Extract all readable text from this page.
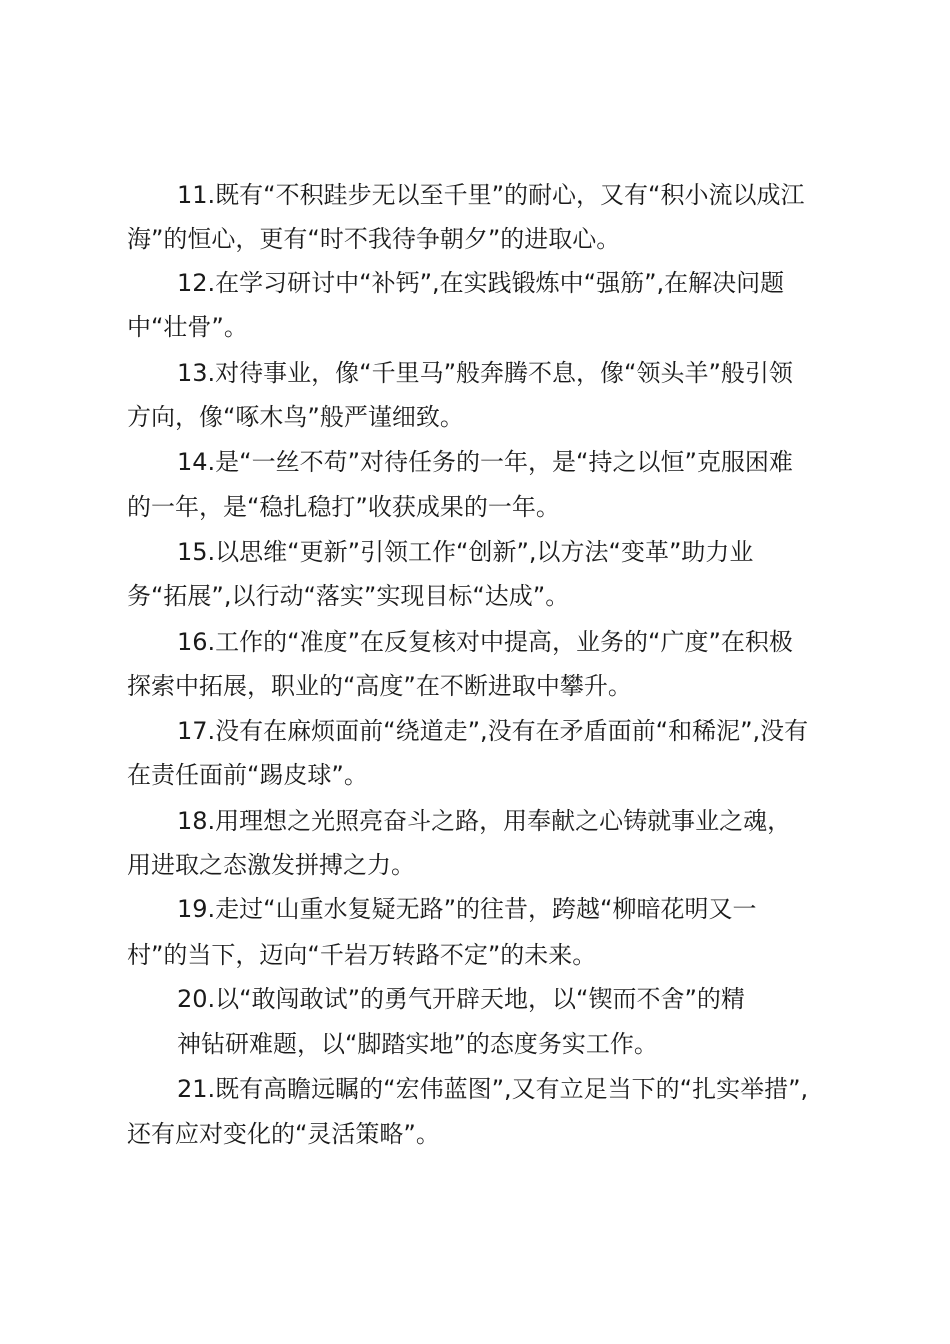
11.既有“不积跬步无以至千里”的耐心，又有“积小流以成江
海”的恒心，更有“时不我待争朝夕”的进取心。
12.在学习研讨中“补钙”,在实践锻炼中“强筋”,在解决问题
中“壮骨”。
13.对待事业，像“千里马”般奔腾不息，像“领头羊”般引领
方向，像“啄木鸟”般严谨细致。
14.是“一丝不苟”对待任务的一年，是“持之以恒”克服困难
的一年，是“稳扎稳打”收获成果的一年。
15.以思维“更新”引领工作“创新”,以方法“变革”助力业
务“拓展”,以行动“落实”实现目标“达成”。
16.工作的“准度”在反复核对中提高，业务的“广度”在积极
探索中拓展，职业的“高度”在不断进取中攀升。
17.没有在麻烦面前“绕道走”,没有在矛盾面前“和稀泥”,没有
在责任面前“踢皮球”。
18.用理想之光照亮奋斗之路，用奉献之心铸就事业之魂，
用进取之态激发拼搏之力。
19.走过“山重水复疑无路”的往昔，跨越“柳暗花明又一
村”的当下，迈向“千岩万转路不定”的未来。
20.以“敢闯敢试”的勇气开辟天地，以“锲而不舍”的精
神钻研难题，以“脚踏实地”的态度务实工作。
21.既有高瞻远瞩的“宏伟蓝图”,又有立足当下的“扎实举措”,
还有应对变化的“灵活策略”。
